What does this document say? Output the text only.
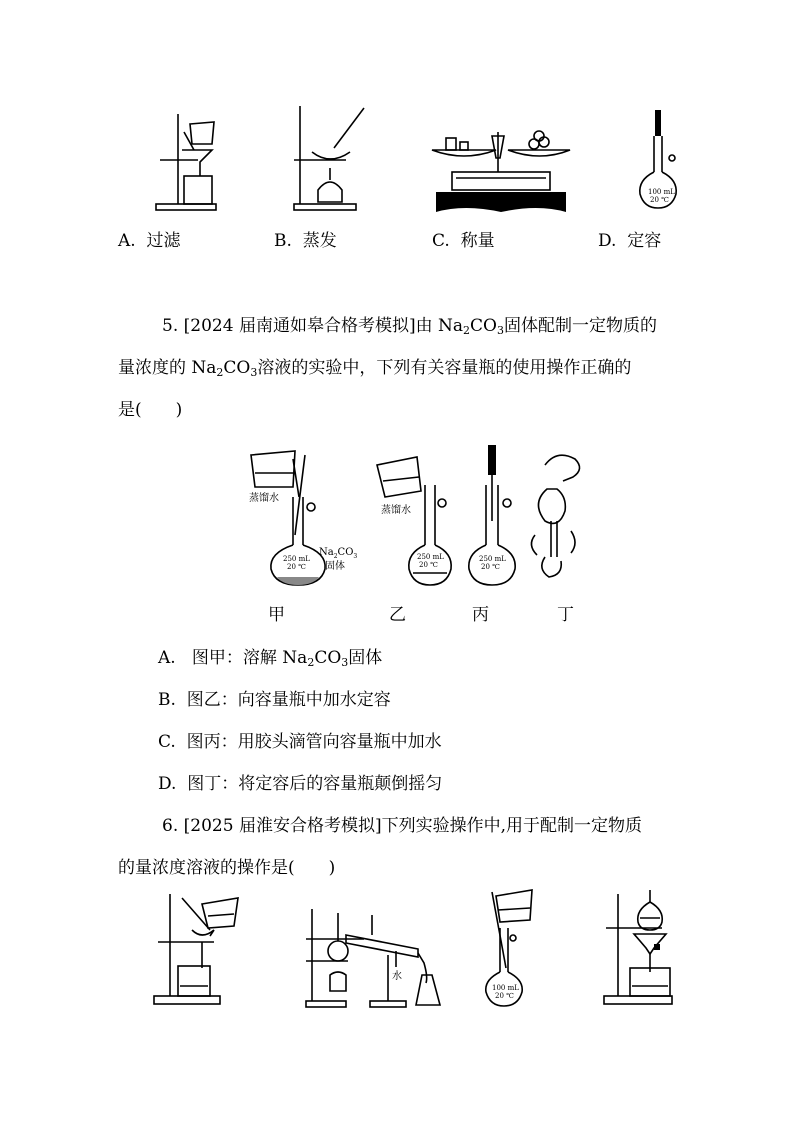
100 mL
20 ℃
A. 过滤	B. 蒸发	C. 称量	D. 定容
5. [2024 届南通如皋合格考模拟]由 $Na_2CO_3$固体配制一定物质的
量浓度的 $Na_2CO_3$溶液的实验中，下列有关容量瓶的使用操作正确的
是(　　)
蒸馏水
250 mL
20 ℃
$Na_2CO_3$
固体
蒸馏水
250 mL
20 ℃
250 mL
20 ℃
甲	乙	丙	丁
A. 图甲：溶解 $Na_2CO_3$固体
B. 图乙：向容量瓶中加水定容
C. 图丙：用胶头滴管向容量瓶中加水
D. 图丁：将定容后的容量瓶颠倒摇匀
6. [2025 届淮安合格考模拟]下列实验操作中,用于配制一定物质
的量浓度溶液的操作是(　　)
水
100 mL
20 ℃
